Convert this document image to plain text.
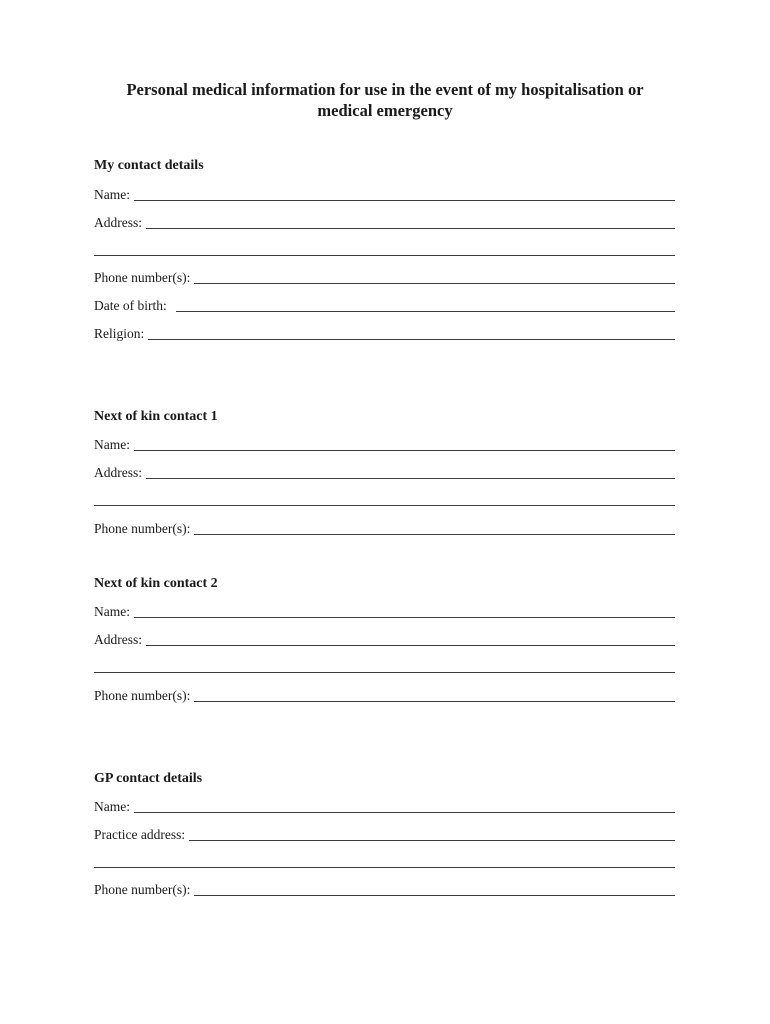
Personal medical information for use in the event of my hospitalisation or
medical emergency
My contact details
Name:
Address:
Phone number(s):
Date of birth:
Religion:
Next of kin contact 1
Name:
Address:
Phone number(s):
Next of kin contact 2
Name:
Address:
Phone number(s):
GP contact details
Name:
Practice address:
Phone number(s):
